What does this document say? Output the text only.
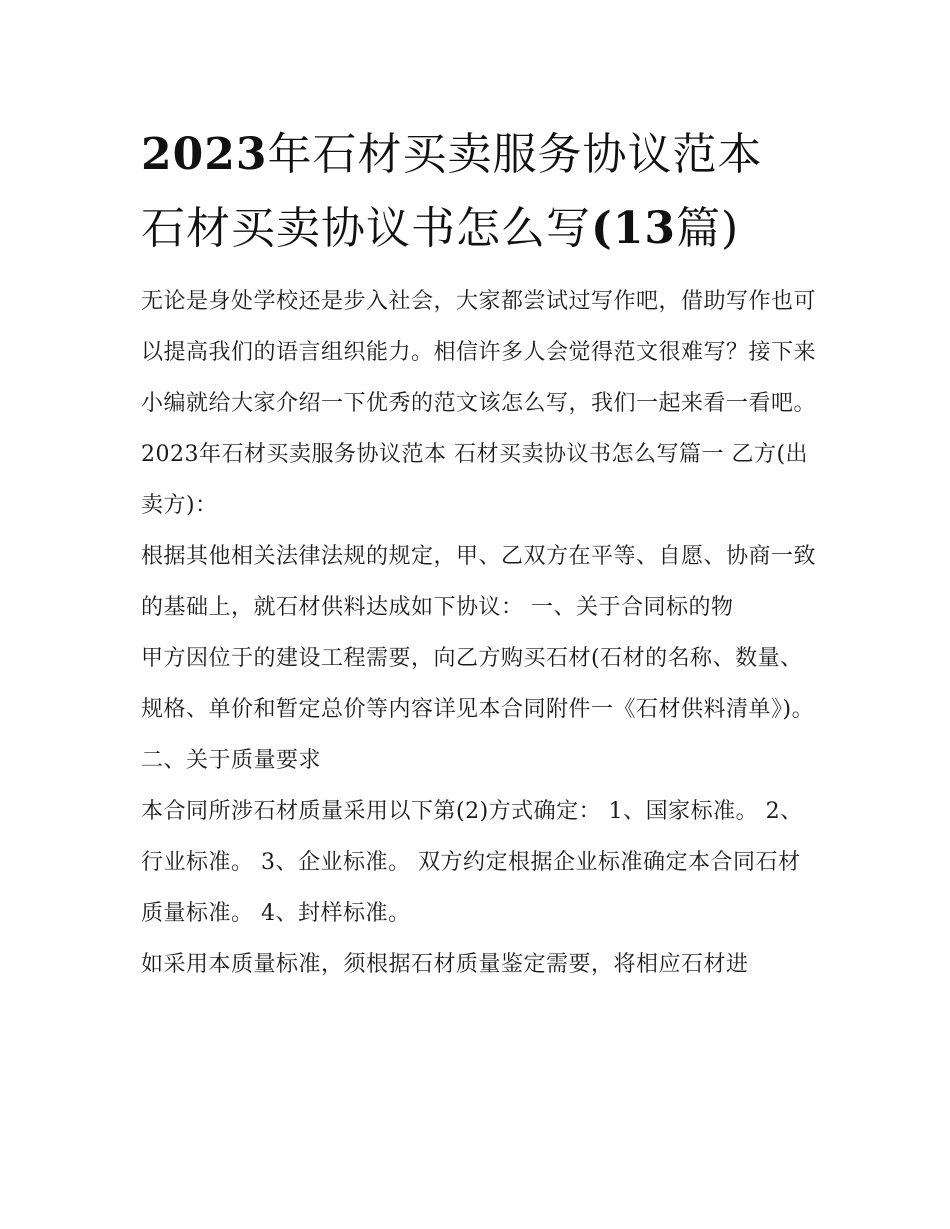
2023年石材买卖服务协议范本
石材买卖协议书怎么写(13篇)

无论是身处学校还是步入社会，大家都尝试过写作吧，借助写作也可以提高我们的语言组织能力。相信许多人会觉得范文很难写？接下来小编就给大家介绍一下优秀的范文该怎么写，我们一起来看一看吧。

2023年石材买卖服务协议范本 石材买卖协议书怎么写篇一 乙方(出卖方)：

根据其他相关法律法规的规定，甲、乙双方在平等、自愿、协商一致的基础上，就石材供料达成如下协议： 一、关于合同标的物

甲方因位于的建设工程需要，向乙方购买石材(石材的名称、数量、规格、单价和暂定总价等内容详见本合同附件一《石材供料清单》)。 二、关于质量要求

本合同所涉石材质量采用以下第(2)方式确定： 1、国家标准。 2、行业标准。 3、企业标准。 双方约定根据企业标准确定本合同石材质量标准。 4、封样标准。

如采用本质量标准，须根据石材质量鉴定需要，将相应石材进
